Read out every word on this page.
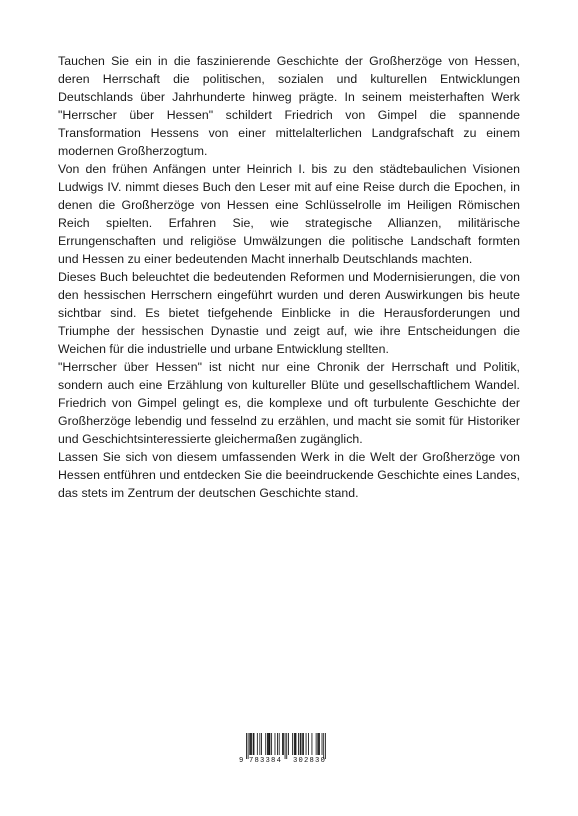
Tauchen Sie ein in die faszinierende Geschichte der Großherzöge von Hessen, deren Herrschaft die politischen, sozialen und kulturellen Entwicklungen Deutschlands über Jahrhunderte hinweg prägte. In seinem meisterhaften Werk "Herrscher über Hessen" schildert Friedrich von Gimpel die spannende Transformation Hessens von einer mittelalterlichen Landgrafschaft zu einem modernen Großherzogtum.

Von den frühen Anfängen unter Heinrich I. bis zu den städtebaulichen Visionen Ludwigs IV. nimmt dieses Buch den Leser mit auf eine Reise durch die Epochen, in denen die Großherzöge von Hessen eine Schlüsselrolle im Heiligen Römischen Reich spielten. Erfahren Sie, wie strategische Allianzen, militärische Errungenschaften und religiöse Umwälzungen die politische Landschaft formten und Hessen zu einer bedeutenden Macht innerhalb Deutschlands machten.

Dieses Buch beleuchtet die bedeutenden Reformen und Modernisierungen, die von den hessischen Herrschern eingeführt wurden und deren Auswirkungen bis heute sichtbar sind. Es bietet tiefgehende Einblicke in die Herausforderungen und Triumphe der hessischen Dynastie und zeigt auf, wie ihre Entscheidungen die Weichen für die industrielle und urbane Entwicklung stellten.

"Herrscher über Hessen" ist nicht nur eine Chronik der Herrschaft und Politik, sondern auch eine Erzählung von kultureller Blüte und gesellschaftlichem Wandel. Friedrich von Gimpel gelingt es, die komplexe und oft turbulente Geschichte der Großherzöge lebendig und fesselnd zu erzählen, und macht sie somit für Historiker und Geschichtsinteressierte gleichermaßen zugänglich.

Lassen Sie sich von diesem umfassenden Werk in die Welt der Großherzöge von Hessen entführen und entdecken Sie die beeindruckende Geschichte eines Landes, das stets im Zentrum der deutschen Geschichte stand.

9 783384 302830
